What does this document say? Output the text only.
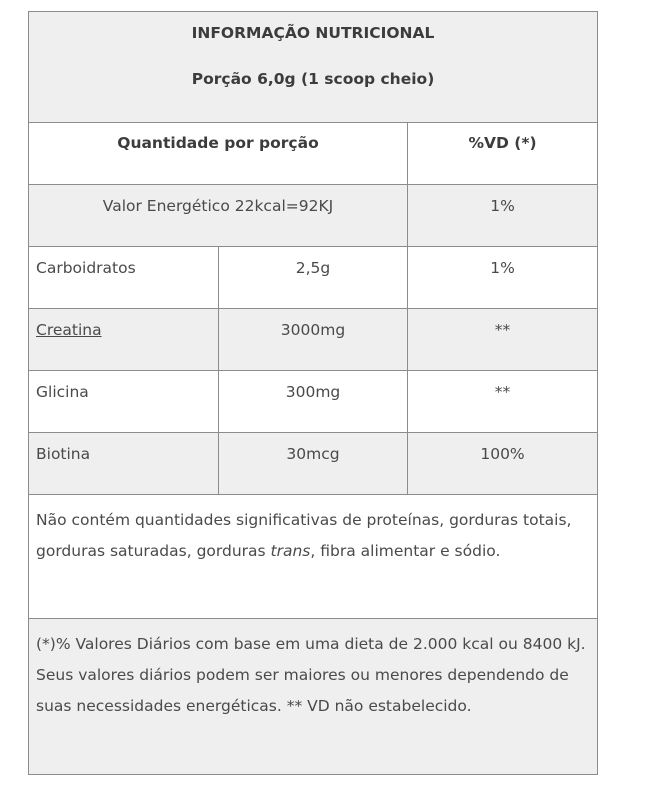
INFORMAÇÃO NUTRICIONAL
Porção 6,0g (1 scoop cheio)		

Quantidade por porção		%VD (*)

Valor Energético 22kcal=92KJ		1%

Carboidratos	2,5g	1%

Creatina	3000mg	**

Glicina	300mg	**

Biotina	30mcg	100%

Não contém quantidades significativas de proteínas, gorduras totais, gorduras saturadas, gorduras trans, fibra alimentar e sódio.		

(*)% Valores Diários com base em uma dieta de 2.000 kcal ou 8400 kJ. Seus valores diários podem ser maiores ou menores dependendo de suas necessidades energéticas. ** VD não estabelecido.		
